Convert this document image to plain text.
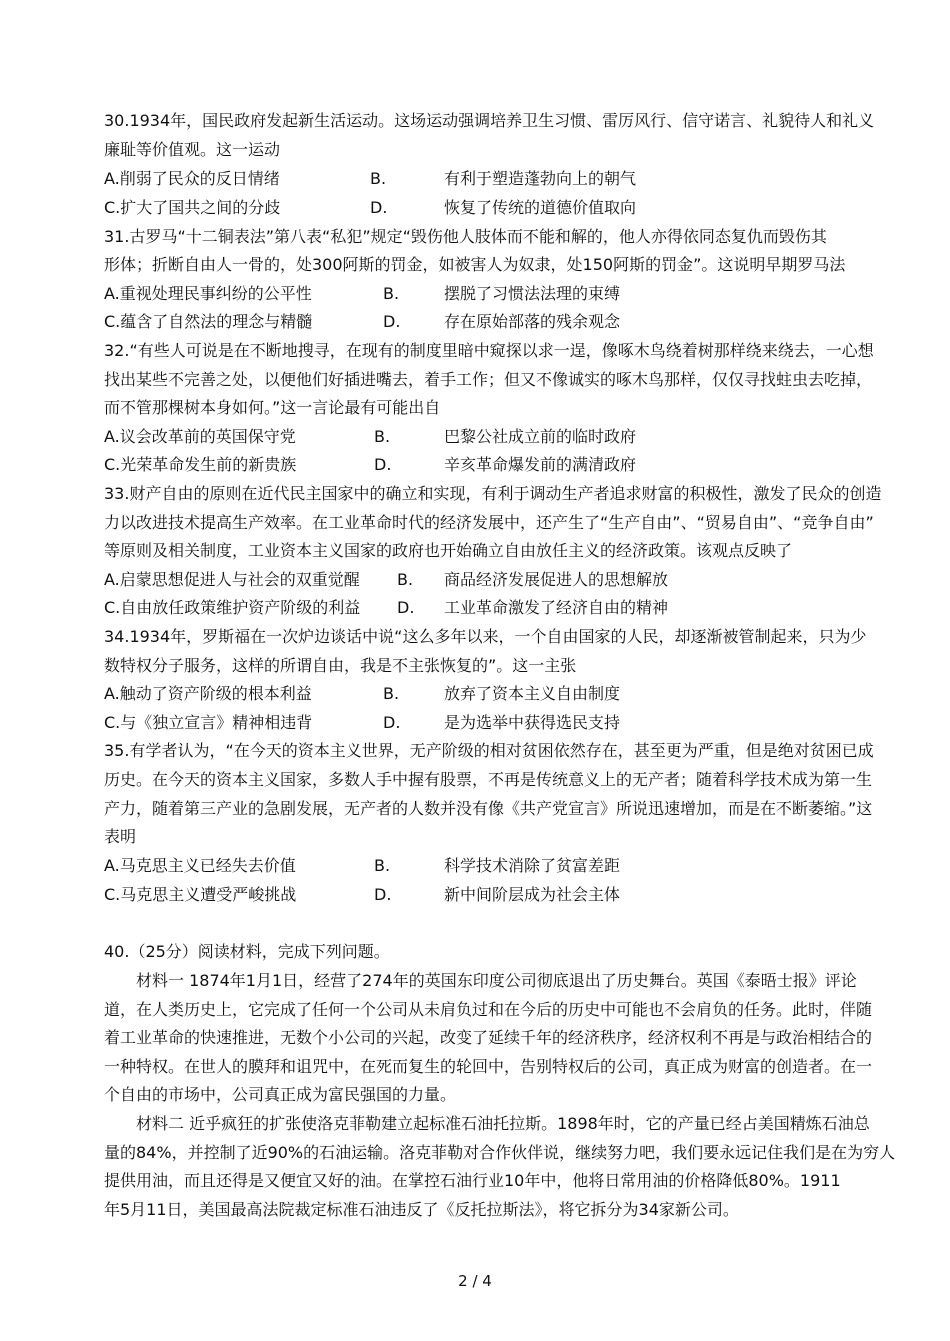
30.1934年，国民政府发起新生活运动。这场运动强调培养卫生习惯、雷厉风行、信守诺言、礼貌待人和礼义
廉耻等价值观。这一运动
A.削弱了民众的反日情绪	B.	有利于塑造蓬勃向上的朝气
C.扩大了国共之间的分歧	D.	恢复了传统的道德价值取向
31.古罗马“十二铜表法”第八表“私犯”规定“毁伤他人肢体而不能和解的，他人亦得依同态复仇而毁伤其
形体；折断自由人一骨的，处300阿斯的罚金，如被害人为奴隶，处150阿斯的罚金”。这说明早期罗马法
A.重视处理民事纠纷的公平性	B.	摆脱了习惯法法理的束缚
C.蕴含了自然法的理念与精髓	D.	存在原始部落的残余观念
32.“有些人可说是在不断地搜寻，在现有的制度里暗中窥探以求一逞，像啄木鸟绕着树那样绕来绕去，一心想
找出某些不完善之处，以便他们好插进嘴去，着手工作；但又不像诚实的啄木鸟那样，仅仅寻找蛀虫去吃掉，
而不管那棵树本身如何。”这一言论最有可能出自
A.议会改革前的英国保守党	B.	巴黎公社成立前的临时政府
C.光荣革命发生前的新贵族	D.	辛亥革命爆发前的满清政府
33.财产自由的原则在近代民主国家中的确立和实现，有利于调动生产者追求财富的积极性，激发了民众的创造
力以改进技术提高生产效率。在工业革命时代的经济发展中，还产生了“生产自由”、“贸易自由”、“竞争自由”
等原则及相关制度，工业资本主义国家的政府也开始确立自由放任主义的经济政策。该观点反映了
A.启蒙思想促进人与社会的双重觉醒 B. 商品经济发展促进人的思想解放
C.自由放任政策维护资产阶级的利益 D. 工业革命激发了经济自由的精神
34.1934年，罗斯福在一次炉边谈话中说“这么多年以来，一个自由国家的人民，却逐渐被管制起来，只为少
数特权分子服务，这样的所谓自由，我是不主张恢复的”。这一主张
A.触动了资产阶级的根本利益	B.	放弃了资本主义自由制度
C.与《独立宣言》精神相违背	D.	是为选举中获得选民支持
35.有学者认为，“在今天的资本主义世界，无产阶级的相对贫困依然存在，甚至更为严重，但是绝对贫困已成
历史。在今天的资本主义国家，多数人手中握有股票，不再是传统意义上的无产者；随着科学技术成为第一生
产力，随着第三产业的急剧发展，无产者的人数并没有像《共产党宣言》所说迅速增加，而是在不断萎缩。”这
表明
A.马克思主义已经失去价值	B.	科学技术消除了贫富差距
C.马克思主义遭受严峻挑战	D.	新中间阶层成为社会主体
40.（25分）阅读材料，完成下列问题。
材料一 1874年1月1日，经营了274年的英国东印度公司彻底退出了历史舞台。英国《泰晤士报》评论
道，在人类历史上，它完成了任何一个公司从未肩负过和在今后的历史中可能也不会肩负的任务。此时，伴随
着工业革命的快速推进，无数个小公司的兴起，改变了延续千年的经济秩序，经济权利不再是与政治相结合的
一种特权。在世人的膜拜和诅咒中，在死而复生的轮回中，告别特权后的公司，真正成为财富的创造者。在一
个自由的市场中，公司真正成为富民强国的力量。
材料二 近乎疯狂的扩张使洛克菲勒建立起标准石油托拉斯。1898年时，它的产量已经占美国精炼石油总
量的84%，并控制了近90%的石油运输。洛克菲勒对合作伙伴说，继续努力吧，我们要永远记住我们是在为穷人
提供用油，而且还得是又便宜又好的油。在掌控石油行业10年中，他将日常用油的价格降低80%。1911
年5月11日，美国最高法院裁定标准石油违反了《反托拉斯法》，将它拆分为34家新公司。
2 / 4
